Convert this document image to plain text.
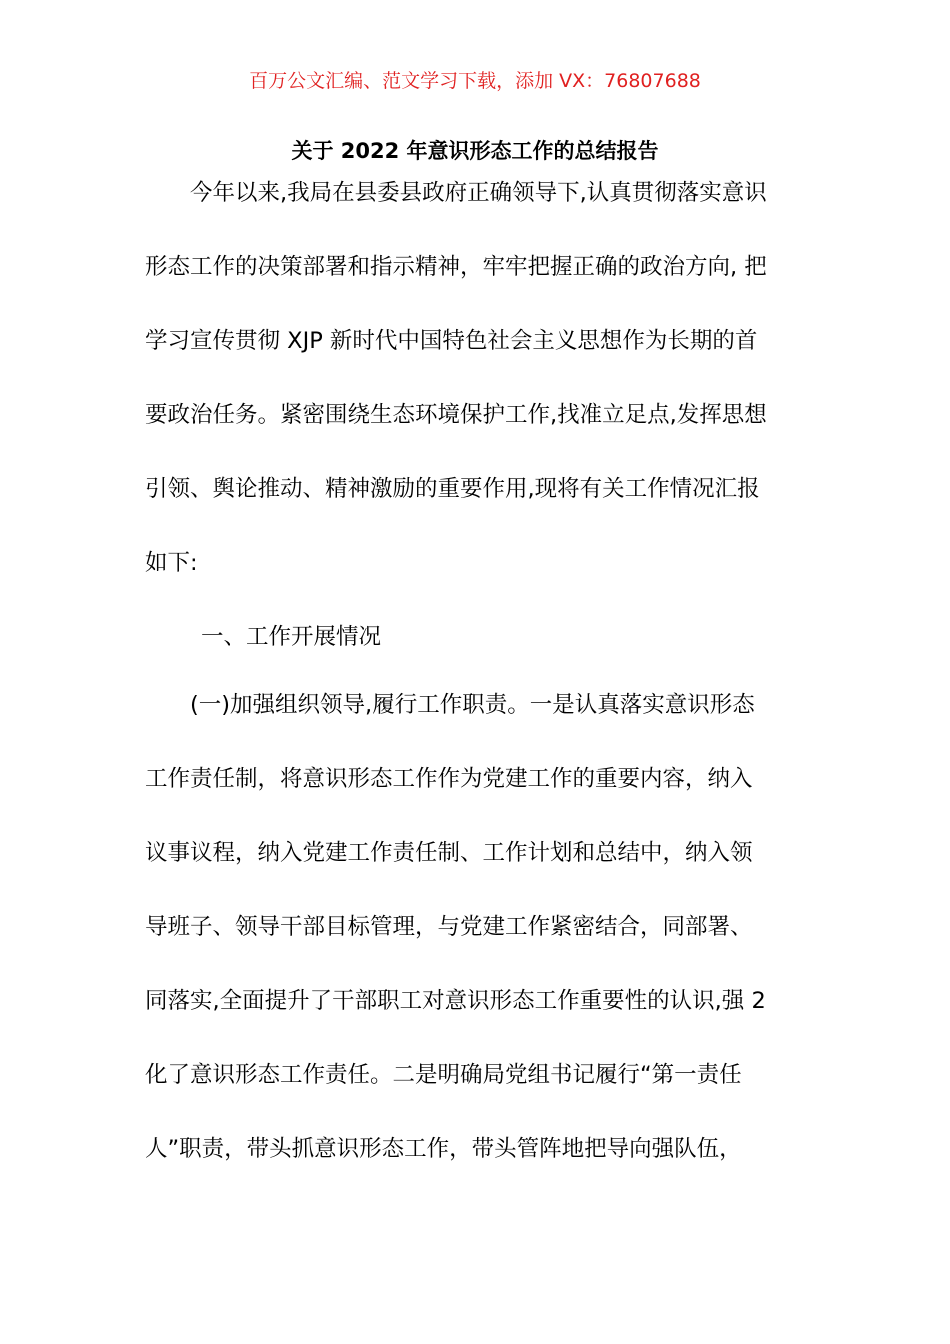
百万公文汇编、范文学习下载，添加 VX：76807688
关于 2022 年意识形态工作的总结报告
今年以来,我局在县委县政府正确领导下,认真贯彻落实意识
形态工作的决策部署和指示精神，牢牢把握正确的政治方向, 把
学习宣传贯彻 XJP 新时代中国特色社会主义思想作为长期的首
要政治任务。紧密围绕生态环境保护工作,找准立足点,发挥思想
引领、舆论推动、精神激励的重要作用,现将有关工作情况汇报
如下:
一、工作开展情况
(一)加强组织领导,履行工作职责。一是认真落实意识形态
工作责任制，将意识形态工作作为党建工作的重要内容，纳入
议事议程，纳入党建工作责任制、工作计划和总结中，纳入领
导班子、领导干部目标管理，与党建工作紧密结合，同部署、
同落实,全面提升了干部职工对意识形态工作重要性的认识,强 2
化了意识形态工作责任。二是明确局党组书记履行“第一责任
人”职责，带头抓意识形态工作，带头管阵地把导向强队伍，
